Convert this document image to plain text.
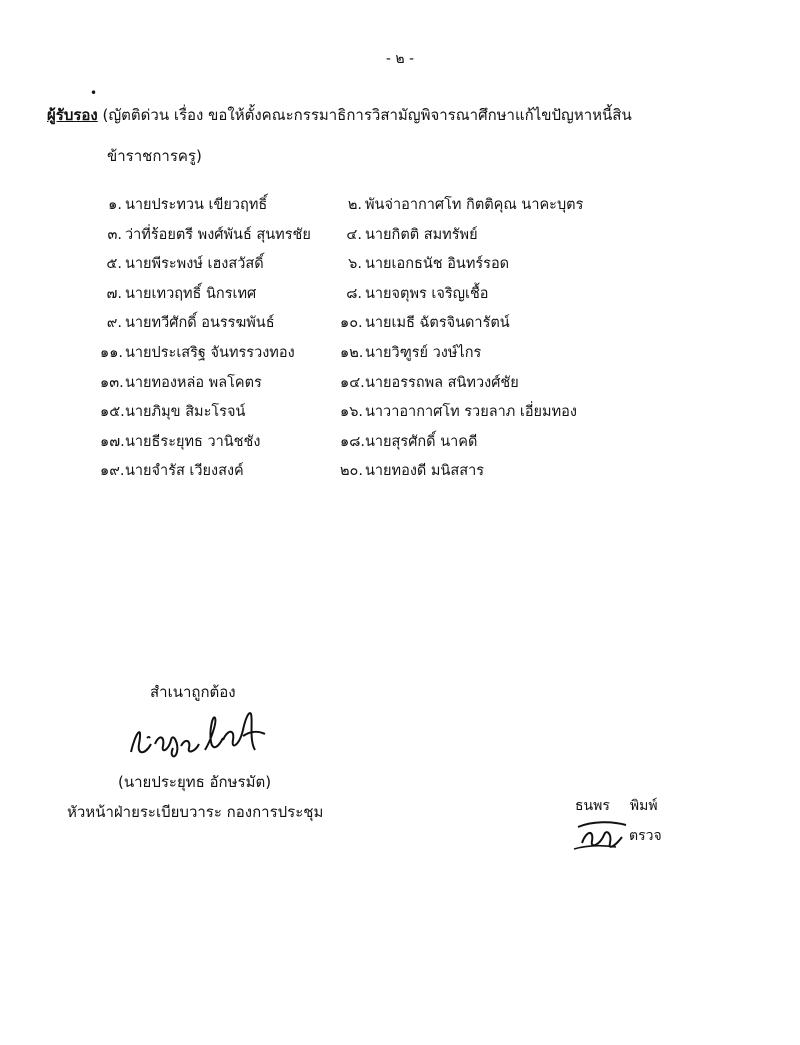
- ๒ -
•
ผู้รับรอง (ญัตติด่วน เรื่อง ขอให้ตั้งคณะกรรมาธิการวิสามัญพิจารณาศึกษาแก้ไขปัญหาหนี้สิน
ข้าราชการครู)
๑. นายประทวน เขียวฤทธิ์	๒. พันจ่าอากาศโท กิตติคุณ นาคะบุตร
๓. ว่าที่ร้อยตรี พงศ์พันธ์ สุนทรชัย	๔. นายกิตติ สมทรัพย์
๕. นายพีระพงษ์ เฮงสวัสดิ์	๖. นายเอกธนัช อินทร์รอด
๗. นายเทวฤทธิ์ นิกรเทศ	๘. นายจตุพร เจริญเชื้อ
๙. นายทวีศักดิ์ อนรรฆพันธ์	๑๐. นายเมธี ฉัตรจินดารัตน์
๑๑. นายประเสริฐ จันทรรวงทอง	๑๒. นายวิฑูรย์ วงษ์ไกร
๑๓.นายทองหล่อ พลโคตร	๑๔.นายอรรถพล สนิทวงศ์ชัย
๑๕.นายภิมุข สิมะโรจน์	๑๖. นาวาอากาศโท รวยลาภ เอี่ยมทอง
๑๗.นายธีระยุทธ วานิชชัง	๑๘.นายสุรศักดิ์ นาคดี
๑๙.นายจำรัส เวียงสงค์	๒๐. นายทองดี มนิสสาร
สำเนาถูกต้อง
(นายประยุทธ อักษรมัต)
หัวหน้าฝ่ายระเบียบวาระ กองการประชุม	ธนพร พิมพ์
ตรวจ
